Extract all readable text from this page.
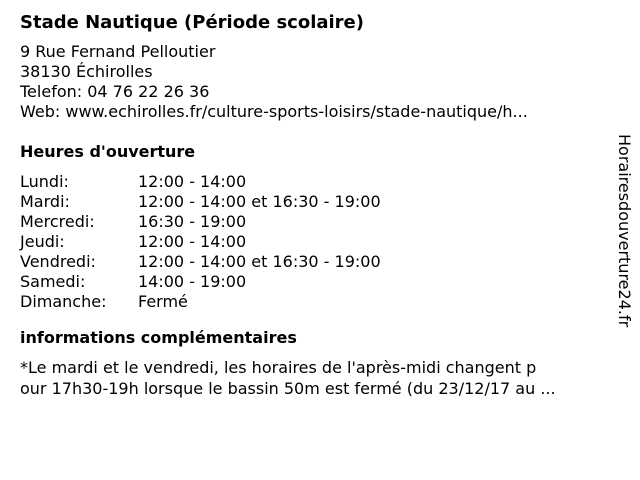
Stade Nautique (Période scolaire)
9 Rue Fernand Pelloutier
38130 Échirolles
Telefon: 04 76 22 26 36
Web: www.echirolles.fr/culture-sports-loisirs/stade-nautique/h...
Heures d'ouverture
Lundi:	12:00 - 14:00
Mardi:	12:00 - 14:00 et 16:30 - 19:00
Mercredi:	16:30 - 19:00
Jeudi:	12:00 - 14:00
Vendredi:	12:00 - 14:00 et 16:30 - 19:00
Samedi:	14:00 - 19:00
Dimanche:	Fermé
informations complémentaires
*Le mardi et le vendredi, les horaires de l'après-midi changent p
our 17h30-19h lorsque le bassin 50m est fermé (du 23/12/17 au ...
Horairesdouverture24.fr
